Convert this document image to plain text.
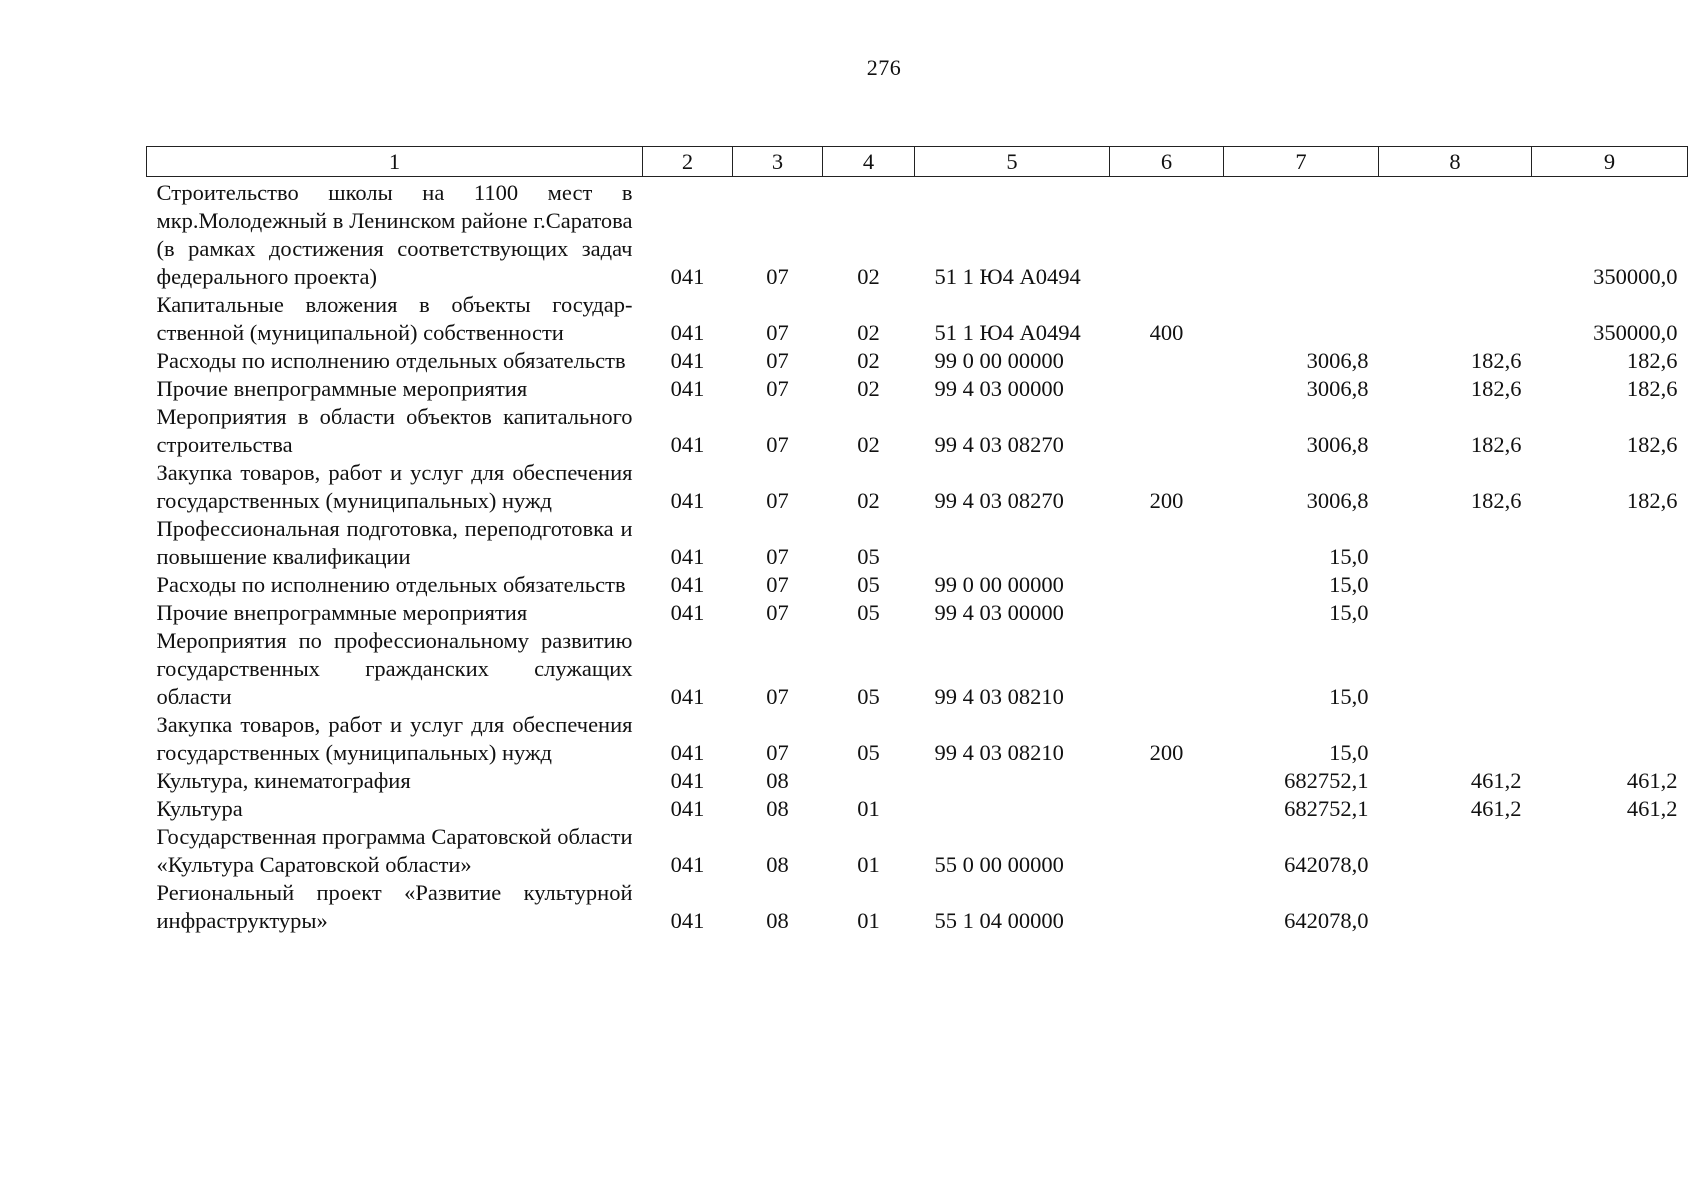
276
1	2	3	4	5	6	7	8	9
Строительство школы на 1100 мест в мкр.Молодежный в Ленинском районе г.Саратова (в рамках достижения соответствующих задач федерального проекта)	041	07	02	51 1 Ю4 А0494				350000,0
Капитальные вложения в объекты государственной (муниципальной) собственности	041	07	02	51 1 Ю4 А0494	400			350000,0
Расходы по исполнению отдельных обязательств	041	07	02	99 0 00 00000		3006,8	182,6	182,6
Прочие внепрограммные мероприятия	041	07	02	99 4 03 00000		3006,8	182,6	182,6
Мероприятия в области объектов капитального строительства	041	07	02	99 4 03 08270		3006,8	182,6	182,6
Закупка товаров, работ и услуг для обеспечения государственных (муниципальных) нужд	041	07	02	99 4 03 08270	200	3006,8	182,6	182,6
Профессиональная подготовка, переподготовка и повышение квалификации	041	07	05			15,0		
Расходы по исполнению отдельных обязательств	041	07	05	99 0 00 00000		15,0		
Прочие внепрограммные мероприятия	041	07	05	99 4 03 00000		15,0		
Мероприятия по профессиональному развитию государственных гражданских служащих области	041	07	05	99 4 03 08210		15,0		
Закупка товаров, работ и услуг для обеспечения государственных (муниципальных) нужд	041	07	05	99 4 03 08210	200	15,0		
Культура, кинематография	041	08				682752,1	461,2	461,2
Культура	041	08	01			682752,1	461,2	461,2
Государственная программа Саратовской области «Культура Саратовской области»	041	08	01	55 0 00 00000		642078,0		
Региональный проект «Развитие культурной инфраструктуры»	041	08	01	55 1 04 00000		642078,0		
